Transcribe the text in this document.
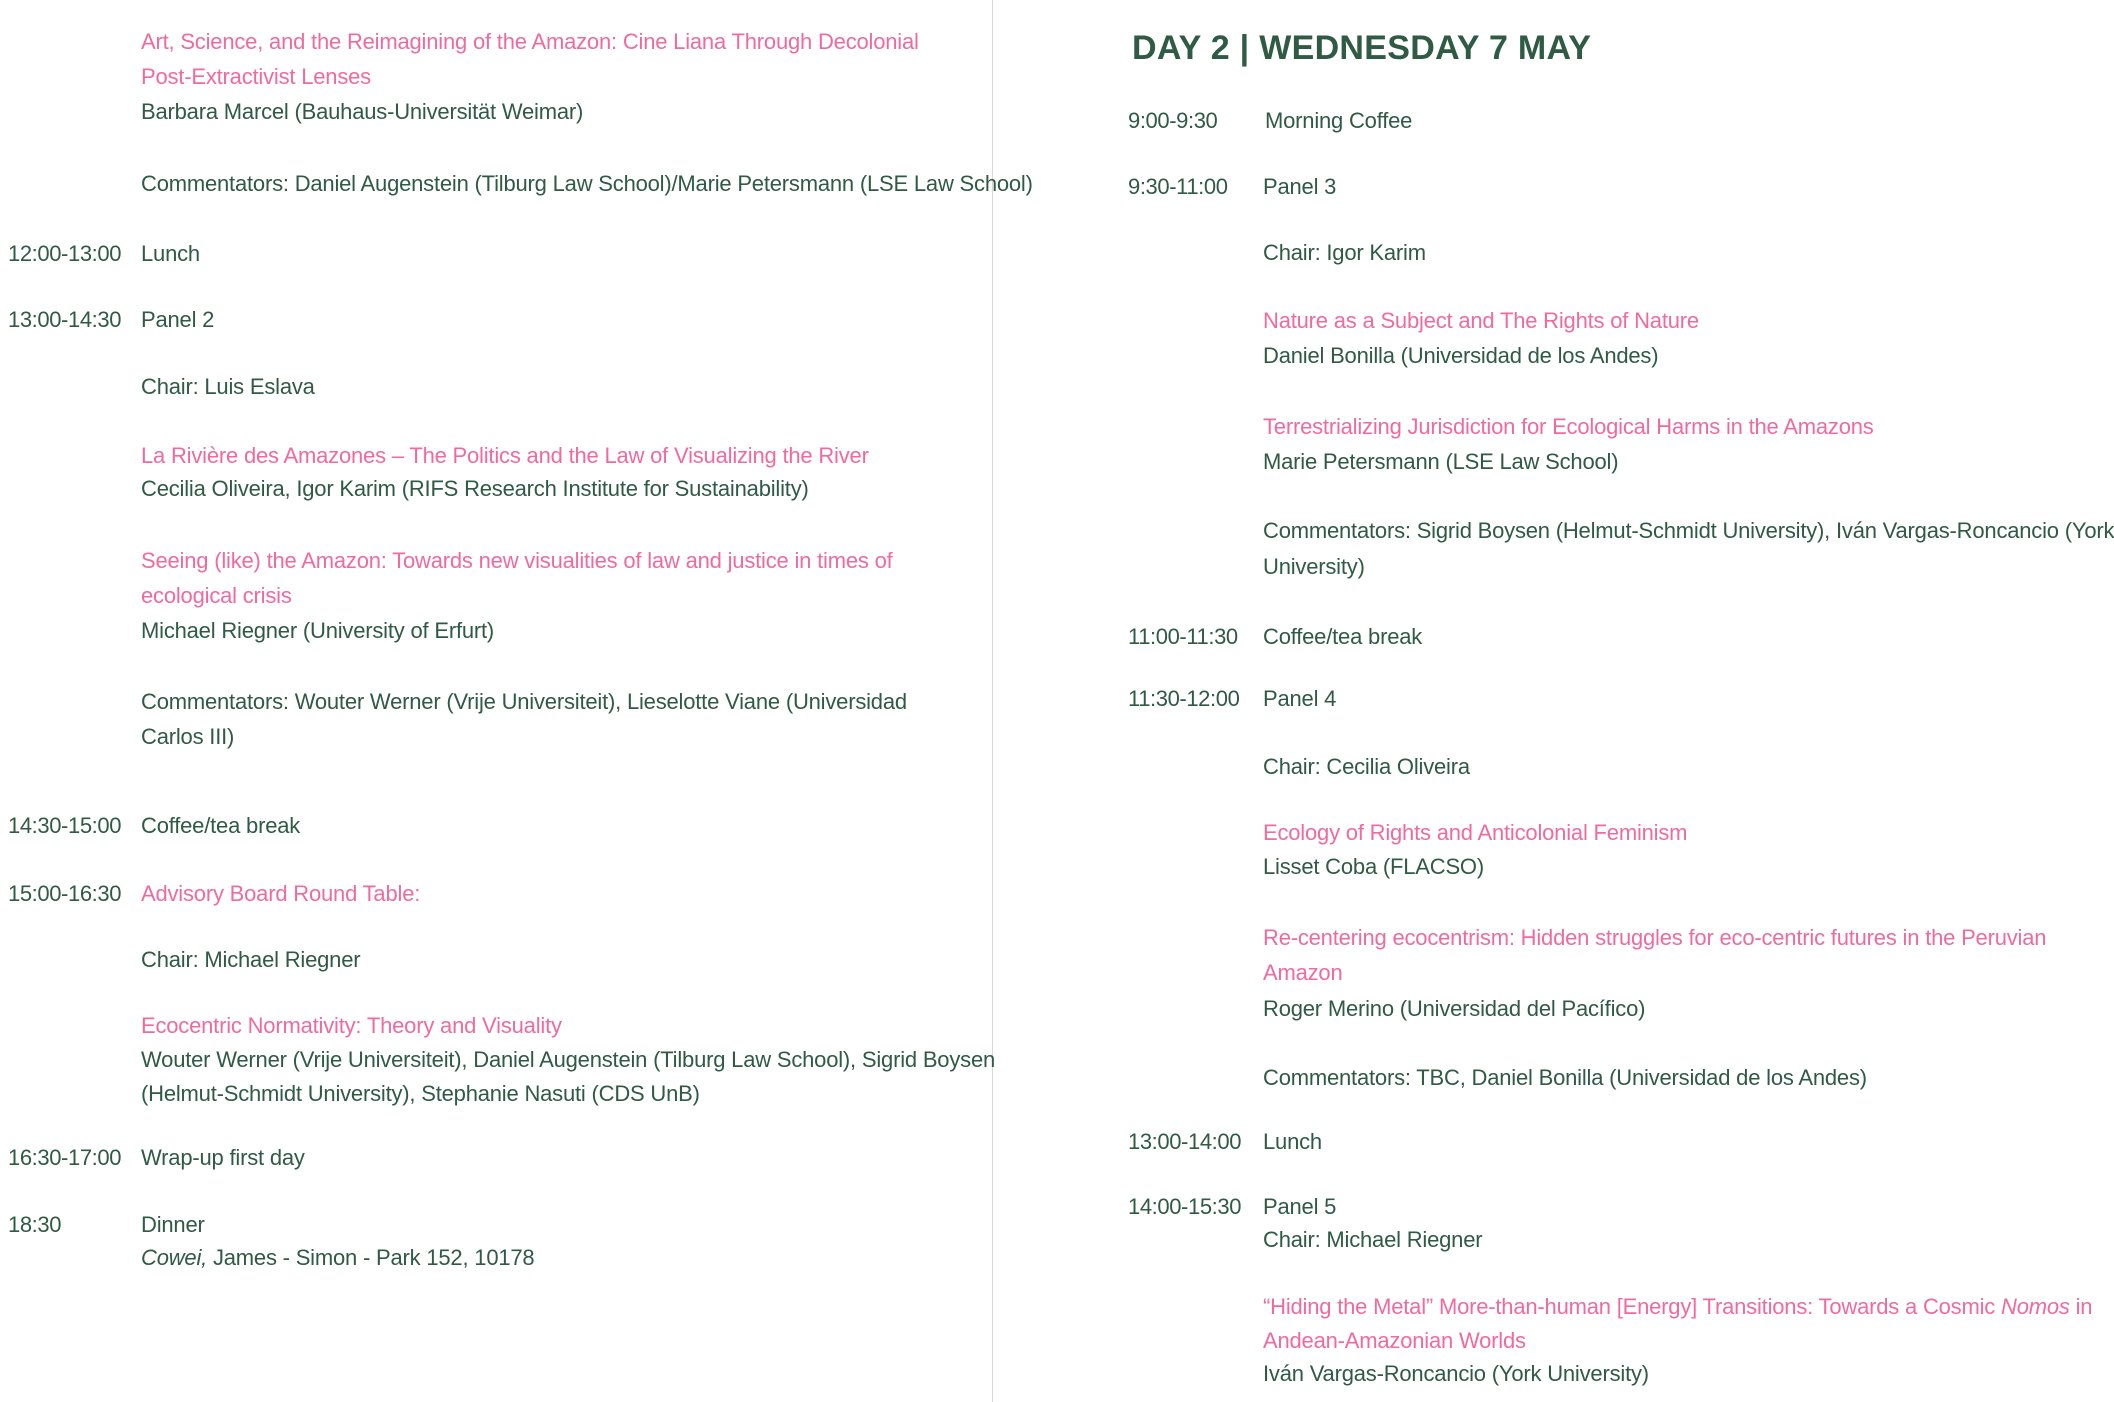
Art, Science, and the Reimagining of the Amazon: Cine Liana Through Decolonial
Post-Extractivist Lenses
Barbara Marcel (Bauhaus-Universität Weimar)
Commentators: Daniel Augenstein (Tilburg Law School)/Marie Petersmann (LSE Law School)
12:00-13:00 Lunch
13:00-14:30 Panel 2
Chair: Luis Eslava
La Rivière des Amazones – The Politics and the Law of Visualizing the River
Cecilia Oliveira, Igor Karim (RIFS Research Institute for Sustainability)
Seeing (like) the Amazon: Towards new visualities of law and justice in times of
ecological crisis
Michael Riegner (University of Erfurt)
Commentators: Wouter Werner (Vrije Universiteit), Lieselotte Viane (Universidad
Carlos III)
14:30-15:00 Coffee/tea break
15:00-16:30 Advisory Board Round Table:
Chair: Michael Riegner
Ecocentric Normativity: Theory and Visuality
Wouter Werner (Vrije Universiteit), Daniel Augenstein (Tilburg Law School), Sigrid Boysen
(Helmut-Schmidt University), Stephanie Nasuti (CDS UnB)
16:30-17:00 Wrap-up first day
18:30	Dinner
Cowei, James - Simon - Park 152, 10178
DAY 2 | WEDNESDAY 7 MAY
9:00-9:30 Morning Coffee
9:30-11:00 Panel 3
Chair: Igor Karim
Nature as a Subject and The Rights of Nature
Daniel Bonilla (Universidad de los Andes)
Terrestrializing Jurisdiction for Ecological Harms in the Amazons
Marie Petersmann (LSE Law School)
Commentators: Sigrid Boysen (Helmut-Schmidt University), Iván Vargas-Roncancio (York
University)
11:00-11:30 Coffee/tea break
11:30-12:00 Panel 4
Chair: Cecilia Oliveira
Ecology of Rights and Anticolonial Feminism
Lisset Coba (FLACSO)
Re-centering ecocentrism: Hidden struggles for eco-centric futures in the Peruvian
Amazon
Roger Merino (Universidad del Pacífico)
Commentators: TBC, Daniel Bonilla (Universidad de los Andes)
13:00-14:00 Lunch
14:00-15:30 Panel 5
Chair: Michael Riegner
“Hiding the Metal” More-than-human [Energy] Transitions: Towards a Cosmic Nomos in
Andean-Amazonian Worlds
Iván Vargas-Roncancio (York University)
